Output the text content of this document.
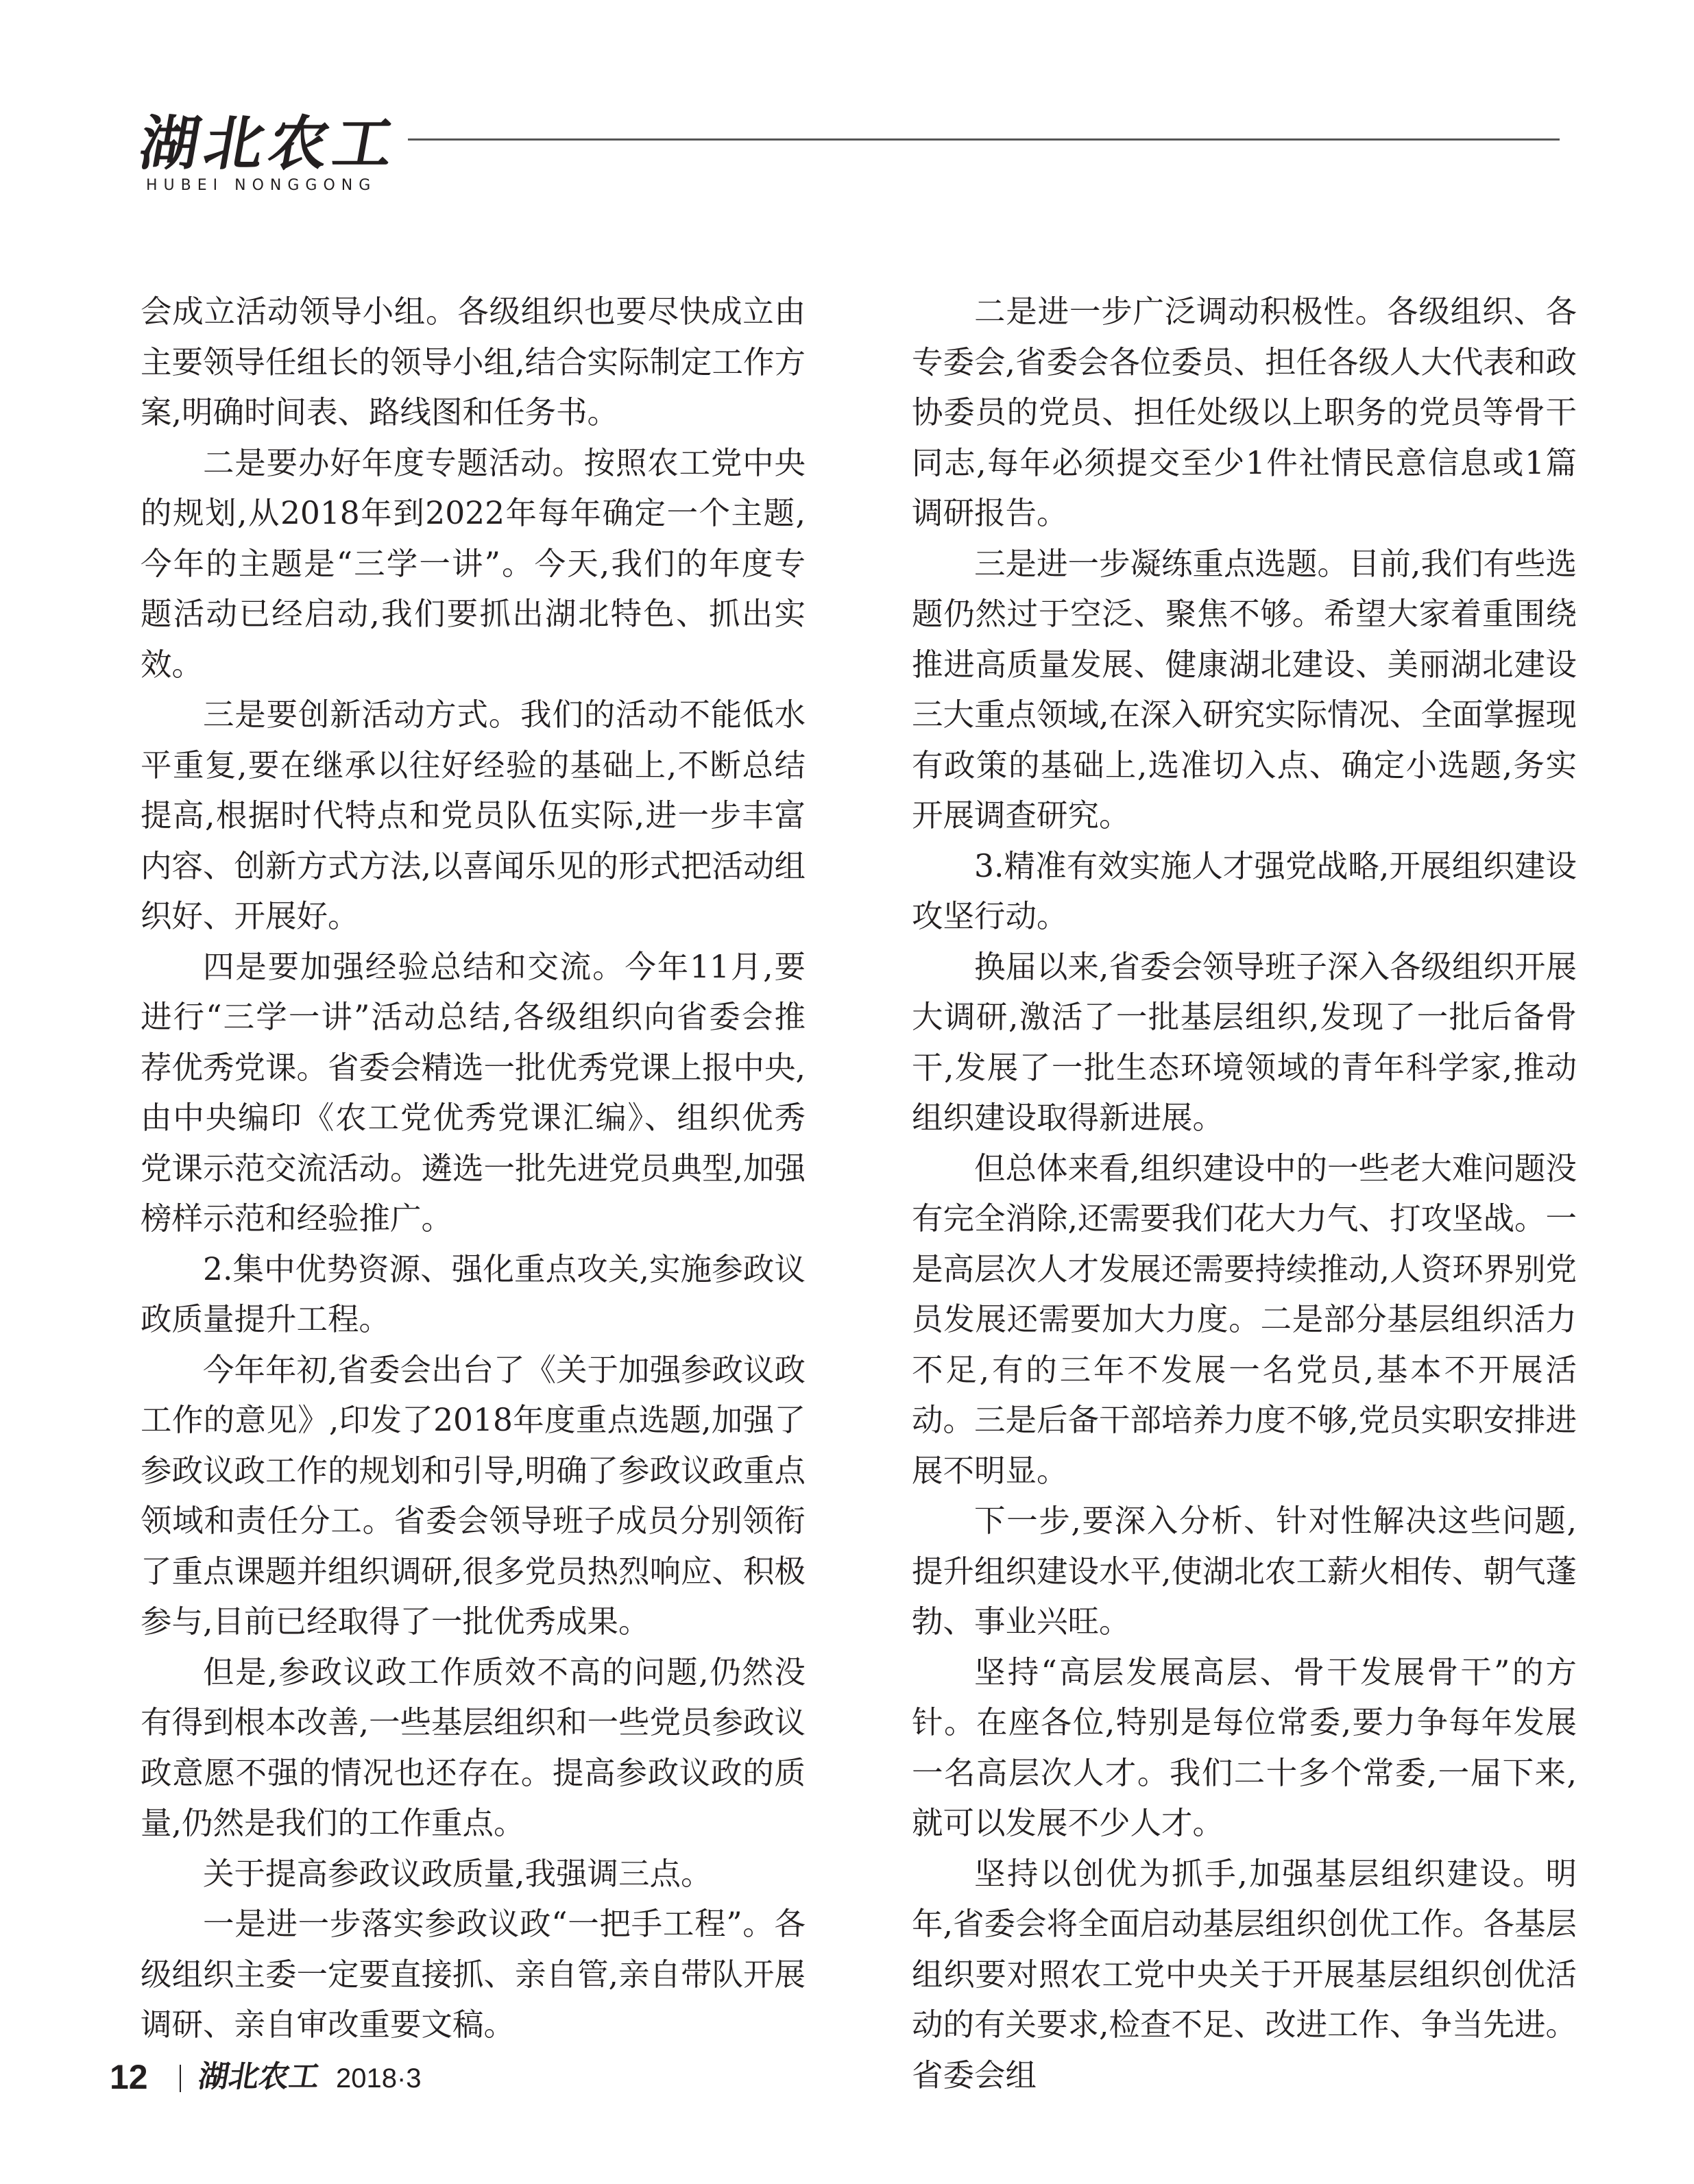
湖北农工
HUBEI NONGGONG

会成立活动领导小组。各级组织也要尽快成立由主要领导任组长的领导小组,结合实际制定工作方案,明确时间表、路线图和任务书。

二是要办好年度专题活动。按照农工党中央的规划,从2018年到2022年每年确定一个主题,今年的主题是“三学一讲”。今天,我们的年度专题活动已经启动,我们要抓出湖北特色、抓出实效。

三是要创新活动方式。我们的活动不能低水平重复,要在继承以往好经验的基础上,不断总结提高,根据时代特点和党员队伍实际,进一步丰富内容、创新方式方法,以喜闻乐见的形式把活动组织好、开展好。

四是要加强经验总结和交流。今年11月,要进行“三学一讲”活动总结,各级组织向省委会推荐优秀党课。省委会精选一批优秀党课上报中央,由中央编印《农工党优秀党课汇编》、组织优秀党课示范交流活动。遴选一批先进党员典型,加强榜样示范和经验推广。

2.集中优势资源、强化重点攻关,实施参政议政质量提升工程。

今年年初,省委会出台了《关于加强参政议政工作的意见》,印发了2018年度重点选题,加强了参政议政工作的规划和引导,明确了参政议政重点领域和责任分工。省委会领导班子成员分别领衔了重点课题并组织调研,很多党员热烈响应、积极参与,目前已经取得了一批优秀成果。

但是,参政议政工作质效不高的问题,仍然没有得到根本改善,一些基层组织和一些党员参政议政意愿不强的情况也还存在。提高参政议政的质量,仍然是我们的工作重点。

关于提高参政议政质量,我强调三点。

一是进一步落实参政议政“一把手工程”。各级组织主委一定要直接抓、亲自管,亲自带队开展调研、亲自审改重要文稿。

二是进一步广泛调动积极性。各级组织、各专委会,省委会各位委员、担任各级人大代表和政协委员的党员、担任处级以上职务的党员等骨干同志,每年必须提交至少1件社情民意信息或1篇调研报告。

三是进一步凝练重点选题。目前,我们有些选题仍然过于空泛、聚焦不够。希望大家着重围绕推进高质量发展、健康湖北建设、美丽湖北建设三大重点领域,在深入研究实际情况、全面掌握现有政策的基础上,选准切入点、确定小选题,务实开展调查研究。

3.精准有效实施人才强党战略,开展组织建设攻坚行动。

换届以来,省委会领导班子深入各级组织开展大调研,激活了一批基层组织,发现了一批后备骨干,发展了一批生态环境领域的青年科学家,推动组织建设取得新进展。

但总体来看,组织建设中的一些老大难问题没有完全消除,还需要我们花大力气、打攻坚战。一是高层次人才发展还需要持续推动,人资环界别党员发展还需要加大力度。二是部分基层组织活力不足,有的三年不发展一名党员,基本不开展活动。三是后备干部培养力度不够,党员实职安排进展不明显。

下一步,要深入分析、针对性解决这些问题,提升组织建设水平,使湖北农工薪火相传、朝气蓬勃、事业兴旺。

坚持“高层发展高层、骨干发展骨干”的方针。在座各位,特别是每位常委,要力争每年发展一名高层次人才。我们二十多个常委,一届下来,就可以发展不少人才。

坚持以创优为抓手,加强基层组织建设。明年,省委会将全面启动基层组织创优工作。各基层组织要对照农工党中央关于开展基层组织创优活动的有关要求,检查不足、改进工作、争当先进。省委会组

12 湖北农工 2018·3
